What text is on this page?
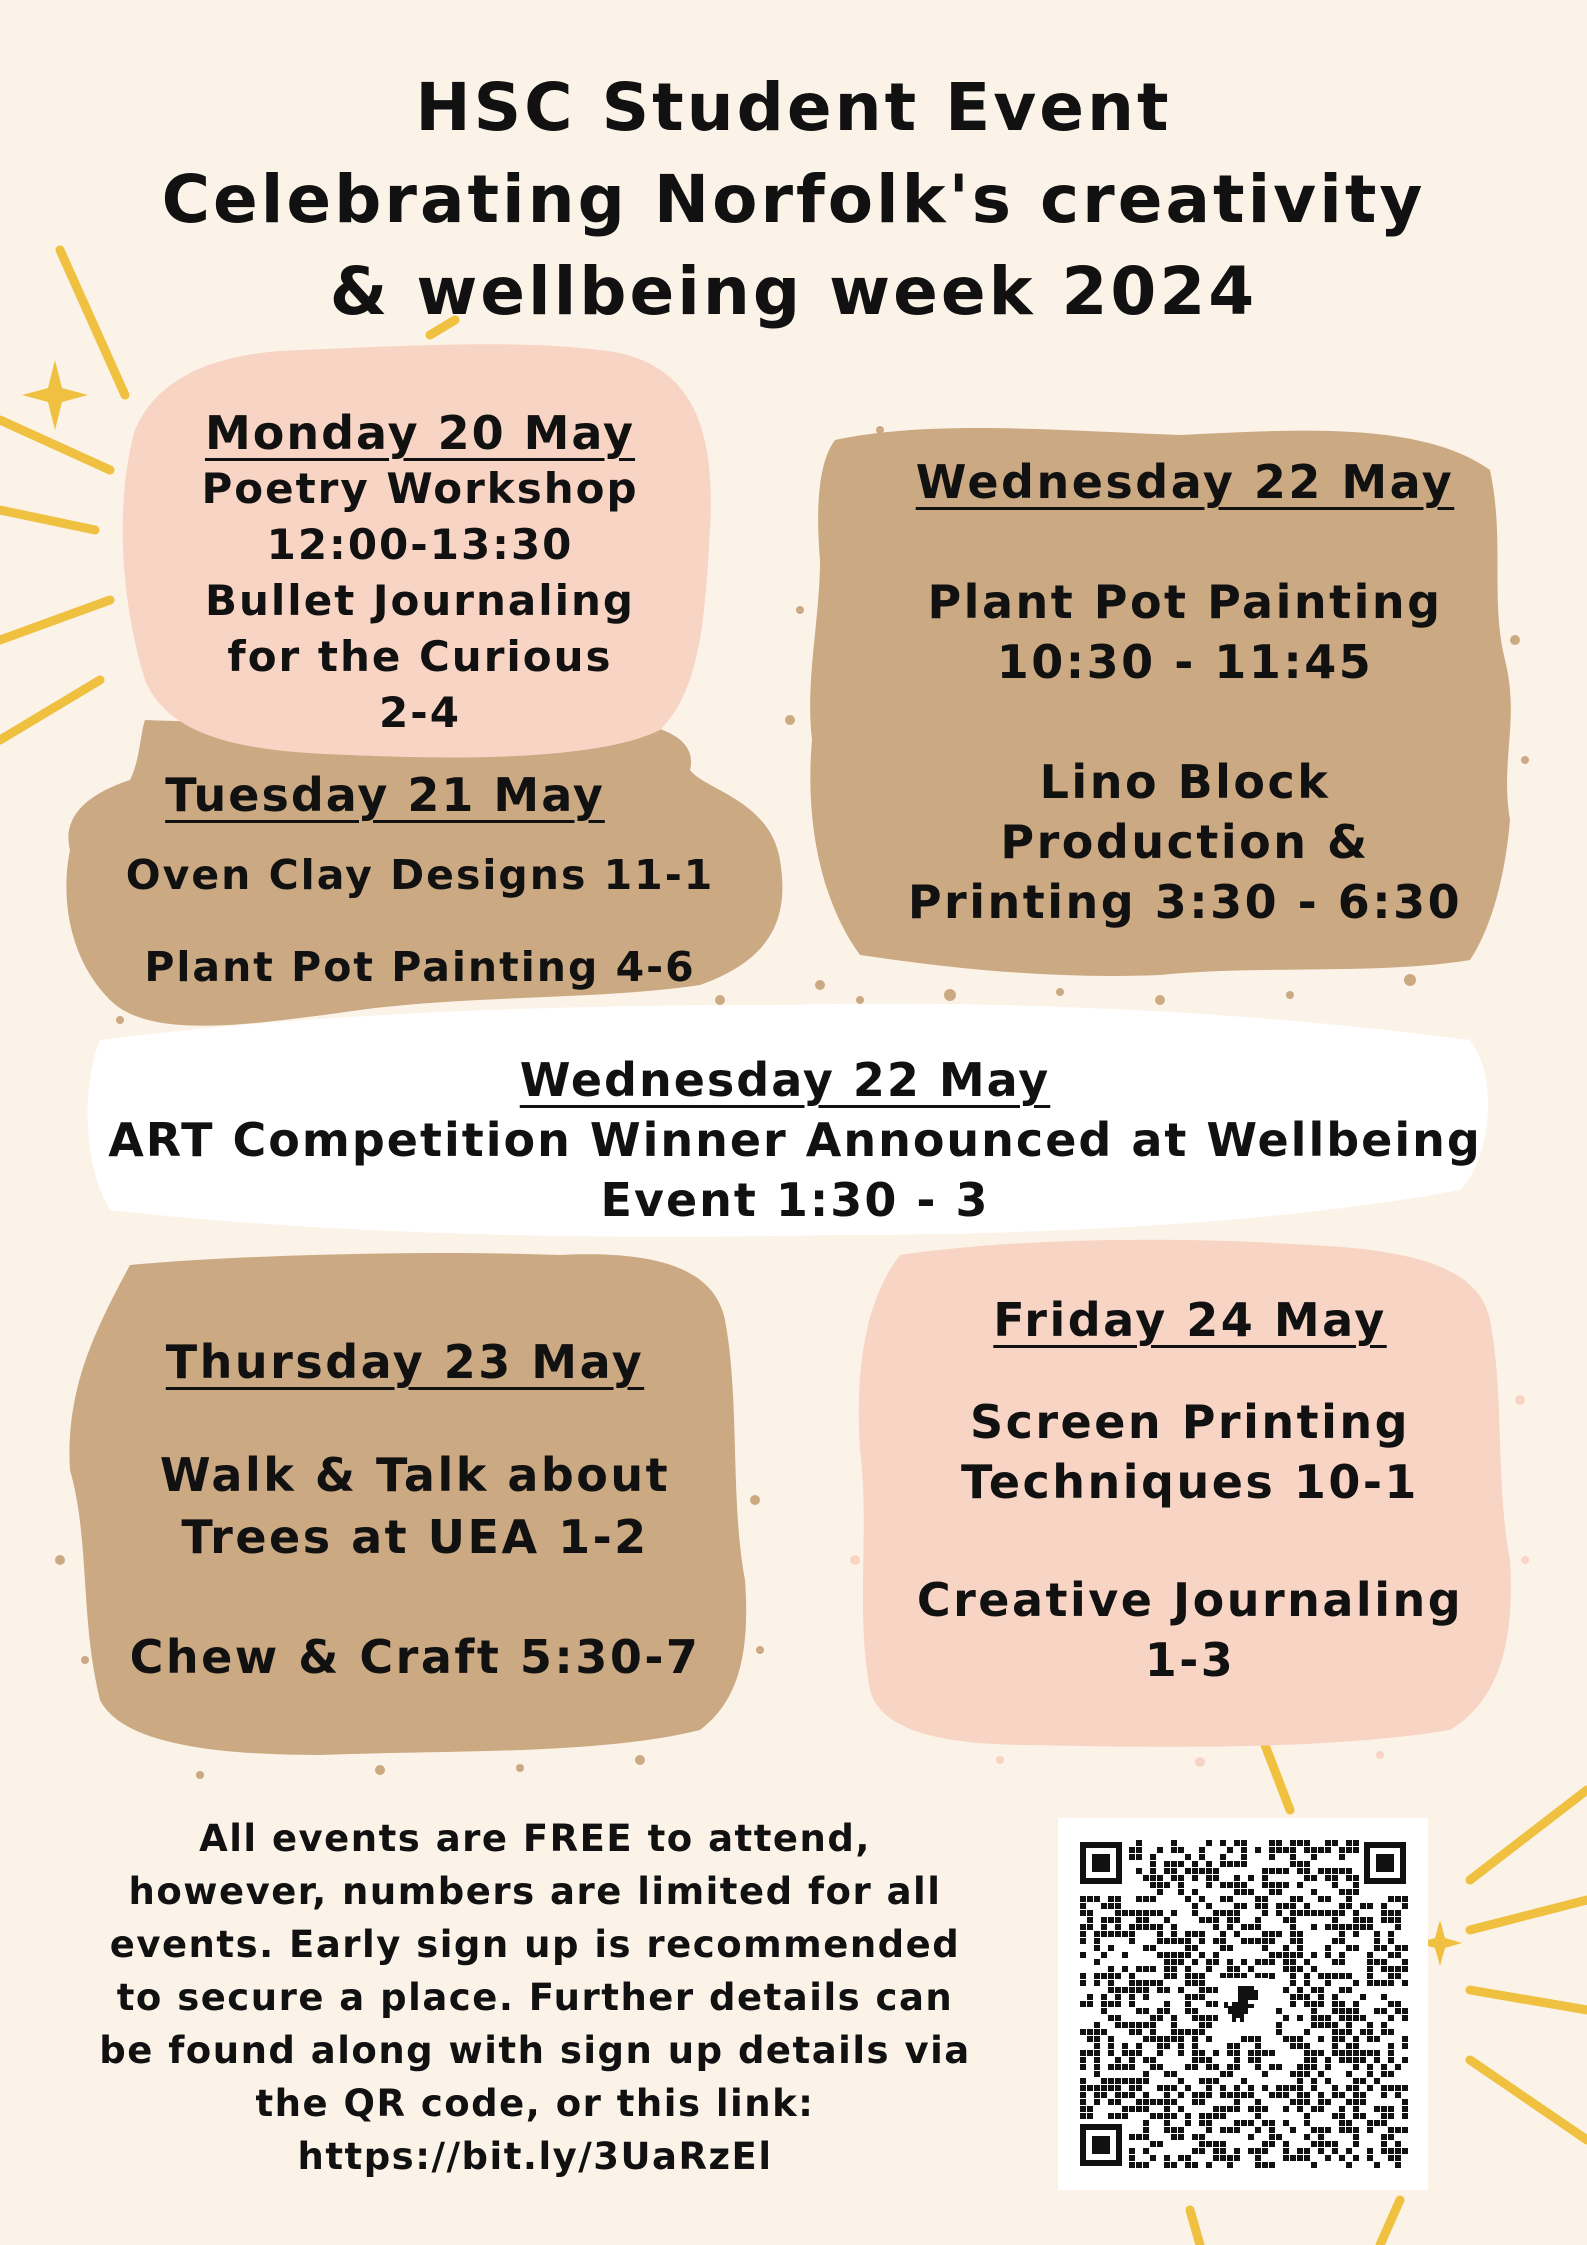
HSC Student Event
Celebrating Norfolk's creativity
& wellbeing week 2024
Monday 20 May
Poetry Workshop
12:00-13:30
Bullet Journaling
for the Curious
2-4
Tuesday 21 May
Oven Clay Designs 11-1
Plant Pot Painting 4-6
Wednesday 22 May
Plant Pot Painting
10:30 - 11:45
Lino Block
Production &
Printing 3:30 - 6:30
Wednesday 22 May
ART Competition Winner Announced at Wellbeing
Event 1:30 - 3
Thursday 23 May
Walk & Talk about
Trees at UEA 1-2
Chew & Craft 5:30-7
Friday 24 May
Screen Printing
Techniques 10-1
Creative Journaling
1-3
All events are FREE to attend,
however, numbers are limited for all
events. Early sign up is recommended
to secure a place. Further details can
be found along with sign up details via
the QR code, or this link:
https://bit.ly/3UaRzEl
